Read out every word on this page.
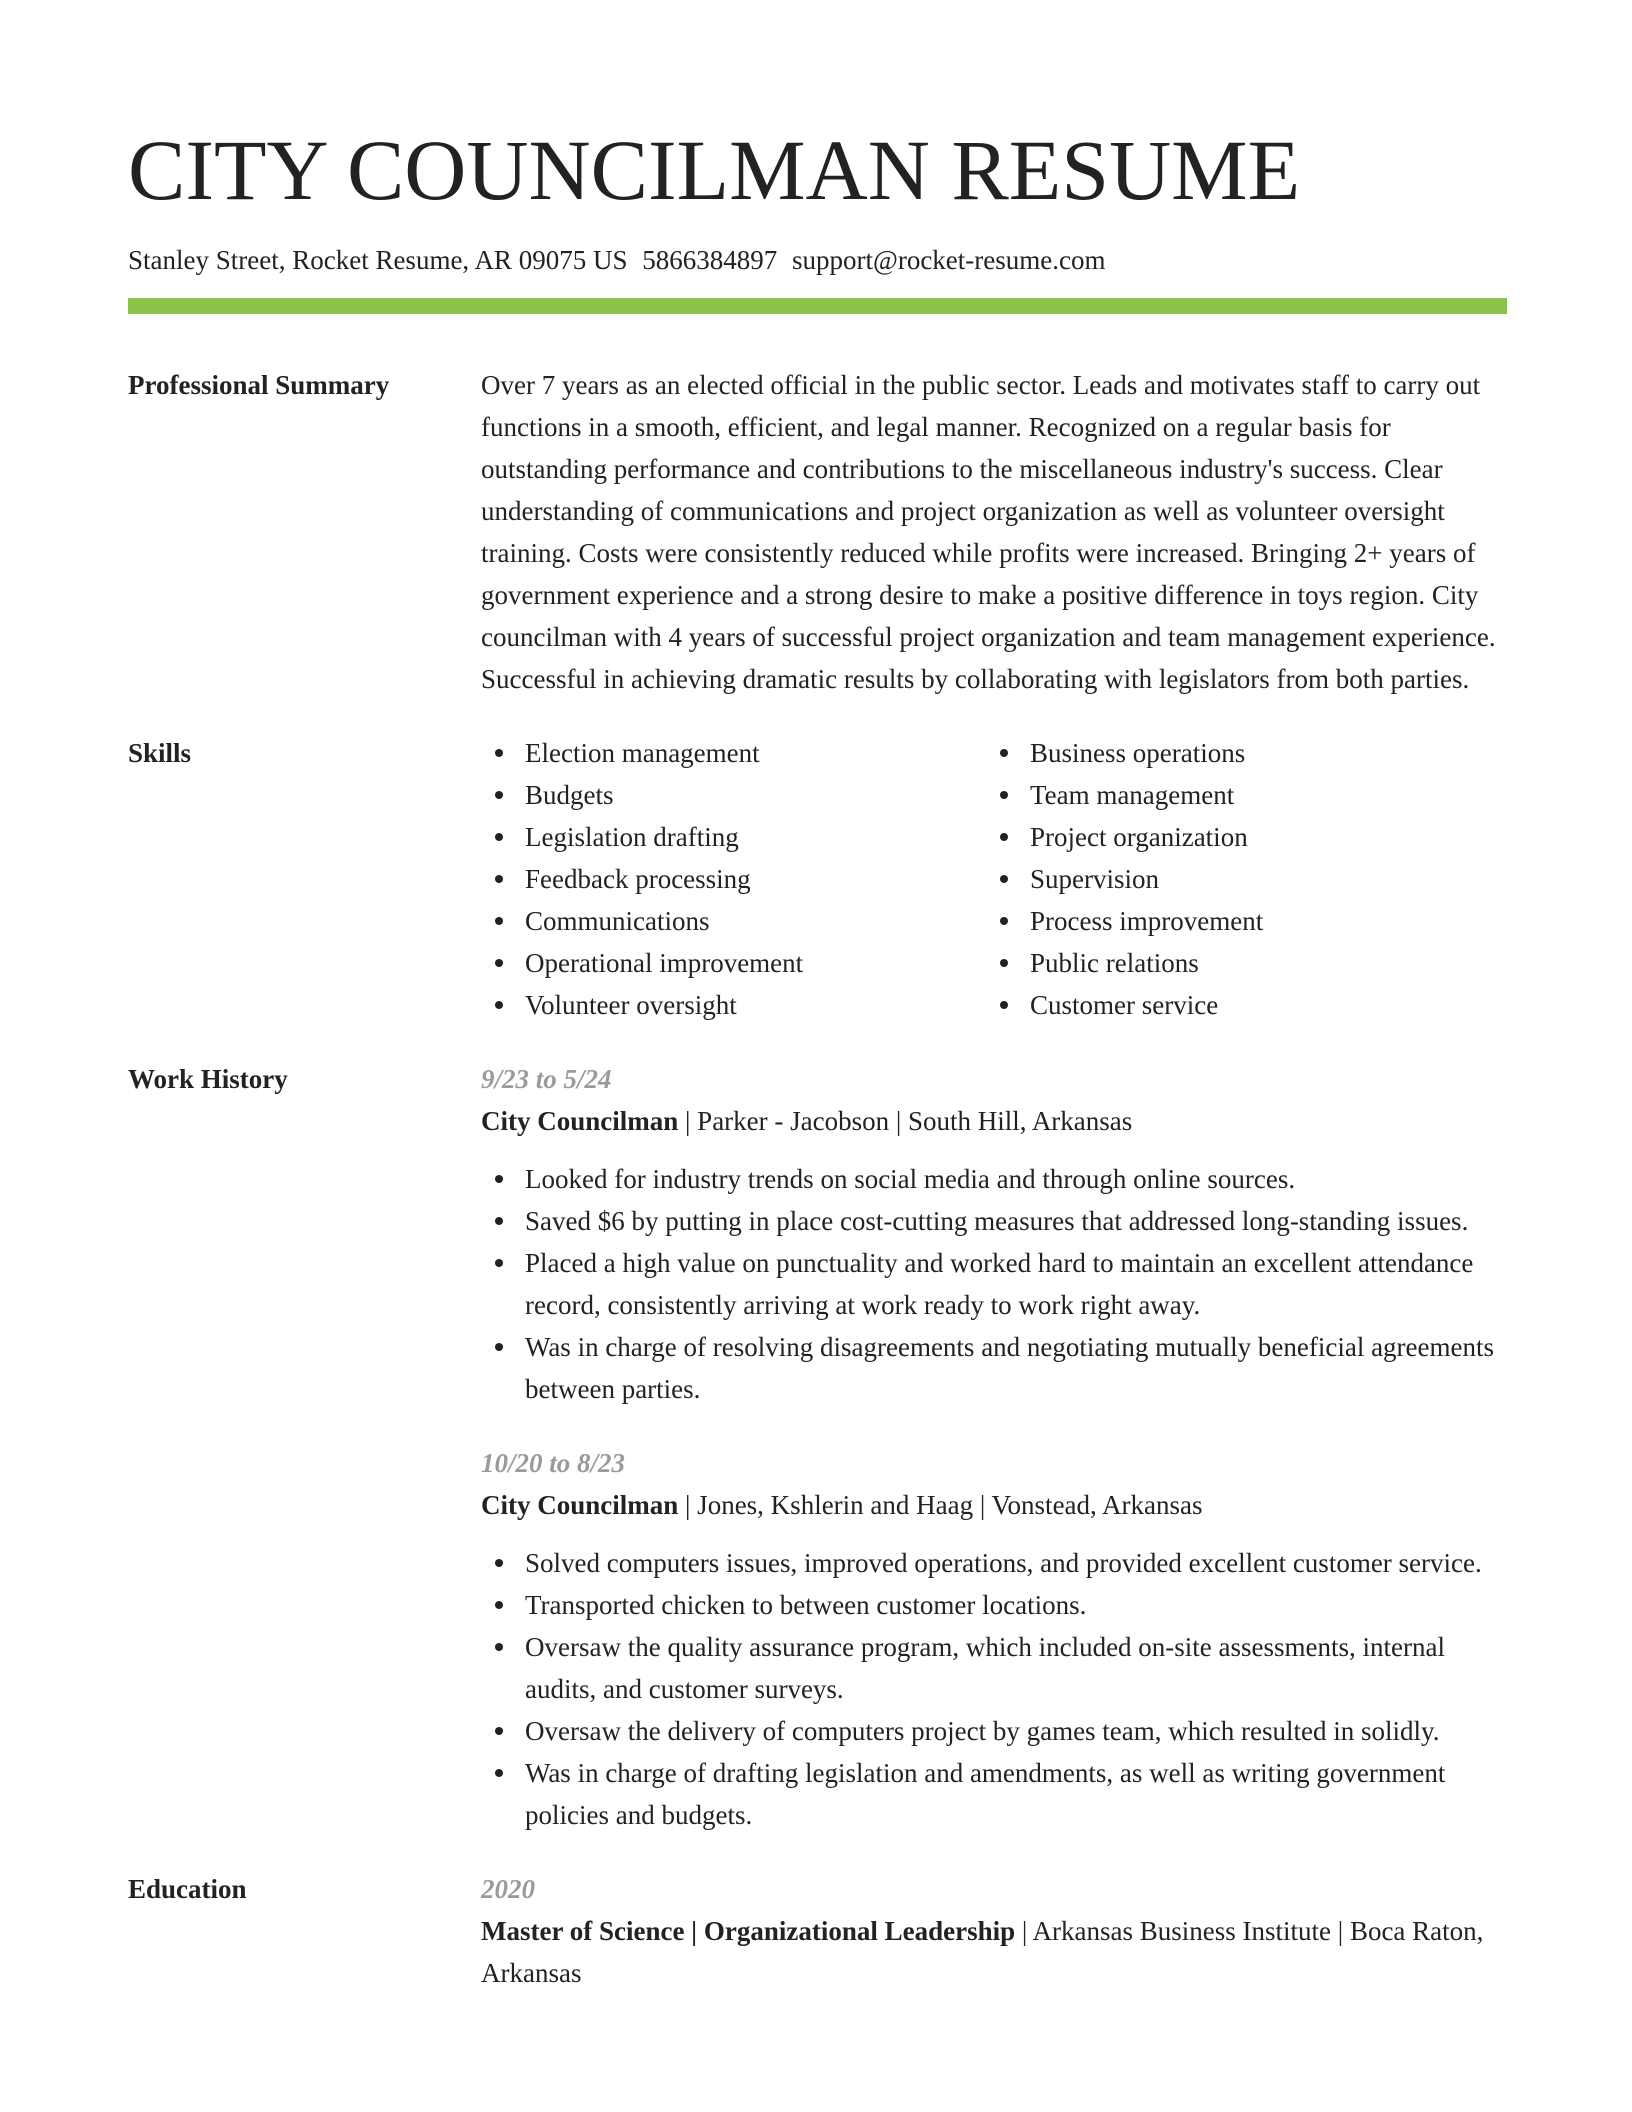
CITY COUNCILMAN RESUME
Stanley Street, Rocket Resume, AR 09075 US 5866384897 support@rocket-resume.com
Professional Summary	Over 7 years as an elected official in the public sector. Leads and motivates staff to carry out functions in a smooth, efficient, and legal manner. Recognized on a regular basis for outstanding performance and contributions to the miscellaneous industry's success. Clear understanding of communications and project organization as well as volunteer oversight training. Costs were consistently reduced while profits were increased. Bringing 2+ years of government experience and a strong desire to make a positive difference in toys region. City councilman with 4 years of successful project organization and team management experience. Successful in achieving dramatic results by collaborating with legislators from both parties.
Skills	Election management
Budgets
Legislation drafting
Feedback processing
Communications
Operational improvement
Volunteer oversight
Business operations
Team management
Project organization
Supervision
Process improvement
Public relations
Customer service
Work History	9/23 to 5/24
City Councilman | Parker - Jacobson | South Hill, Arkansas
Looked for industry trends on social media and through online sources.
Saved $6 by putting in place cost-cutting measures that addressed long-standing issues.
Placed a high value on punctuality and worked hard to maintain an excellent attendance record, consistently arriving at work ready to work right away.
Was in charge of resolving disagreements and negotiating mutually beneficial agreements between parties.
10/20 to 8/23
City Councilman | Jones, Kshlerin and Haag | Vonstead, Arkansas
Solved computers issues, improved operations, and provided excellent customer service.
Transported chicken to between customer locations.
Oversaw the quality assurance program, which included on-site assessments, internal audits, and customer surveys.
Oversaw the delivery of computers project by games team, which resulted in solidly.
Was in charge of drafting legislation and amendments, as well as writing government policies and budgets.
Education	2020
Master of Science | Organizational Leadership | Arkansas Business Institute | Boca Raton, Arkansas
